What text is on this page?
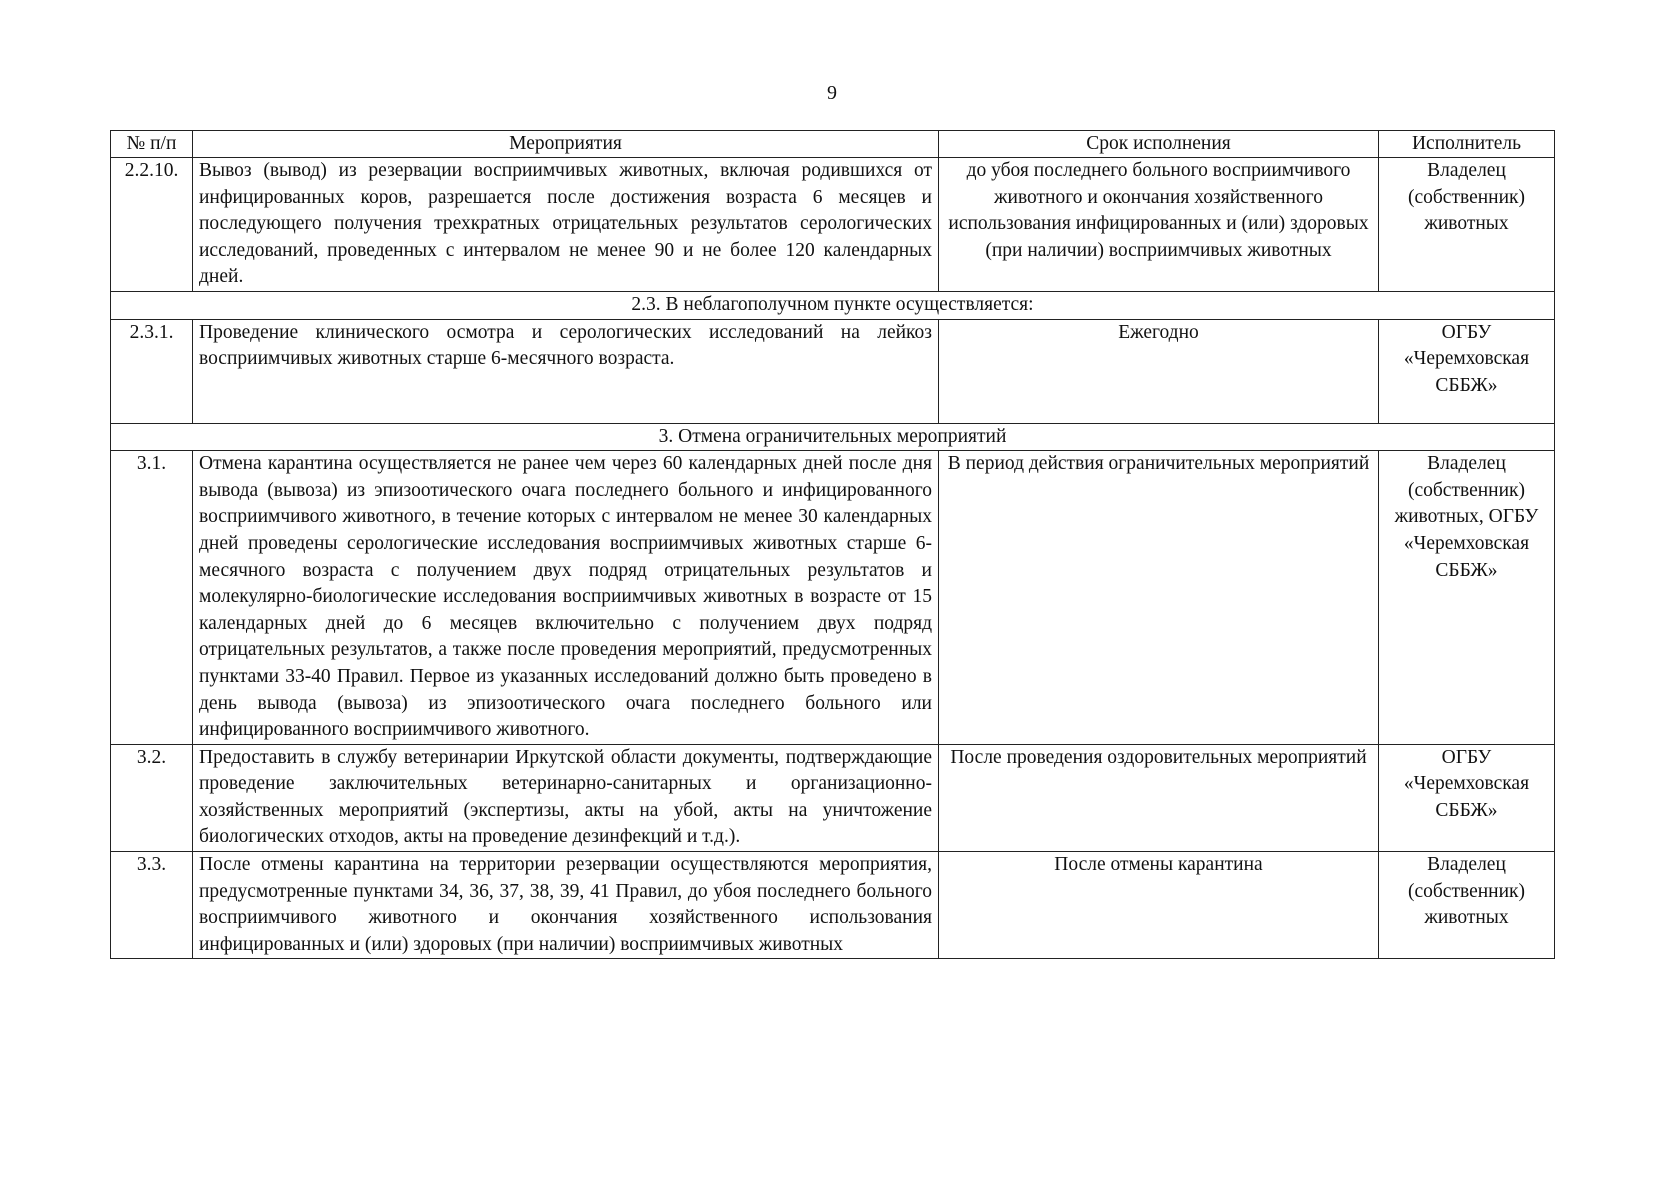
9
№ п/п	Мероприятия	Срок исполнения	Исполнитель
2.2.10.	Вывоз (вывод) из резервации восприимчивых животных, включая родившихся от инфицированных коров, разрешается после достижения возраста 6 месяцев и последующего получения трехкратных отрицательных результатов серологических исследований, проведенных с интервалом не менее 90 и не более 120 календарных дней.	до убоя последнего больного восприимчивого животного и окончания хозяйственного использования инфицированных и (или) здоровых (при наличии) восприимчивых животных	Владелец (собственник) животных
2.3. В неблагополучном пункте осуществляется:			
2.3.1.	Проведение клинического осмотра и серологических исследований на лейкоз восприимчивых животных старше 6-месячного возраста.	Ежегодно	ОГБУ «Черемховская СББЖ»
3. Отмена ограничительных мероприятий			
3.1.	Отмена карантина осуществляется не ранее чем через 60 календарных дней после дня вывода (вывоза) из эпизоотического очага последнего больного и инфицированного восприимчивого животного, в течение которых с интервалом не менее 30 календарных дней проведены серологические исследования восприимчивых животных старше 6-месячного возраста с получением двух подряд отрицательных результатов и молекулярно-биологические исследования восприимчивых животных в возрасте от 15 календарных дней до 6 месяцев включительно с получением двух подряд отрицательных результатов, а также после проведения мероприятий, предусмотренных пунктами 33-40 Правил. Первое из указанных исследований должно быть проведено в день вывода (вывоза) из эпизоотического очага последнего больного или инфицированного восприимчивого животного.	В период действия ограничительных мероприятий	Владелец (собственник) животных, ОГБУ «Черемховская СББЖ»
3.2.	Предоставить в службу ветеринарии Иркутской области документы, подтверждающие проведение заключительных ветеринарно-санитарных и организационно-хозяйственных мероприятий (экспертизы, акты на убой, акты на уничтожение биологических отходов, акты на проведение дезинфекций и т.д.).	После проведения оздоровительных мероприятий	ОГБУ «Черемховская СББЖ»
3.3.	После отмены карантина на территории резервации осуществляются мероприятия, предусмотренные пунктами 34, 36, 37, 38, 39, 41 Правил, до убоя последнего больного восприимчивого животного и окончания хозяйственного использования инфицированных и (или) здоровых (при наличии) восприимчивых животных	После отмены карантина	Владелец (собственник) животных
